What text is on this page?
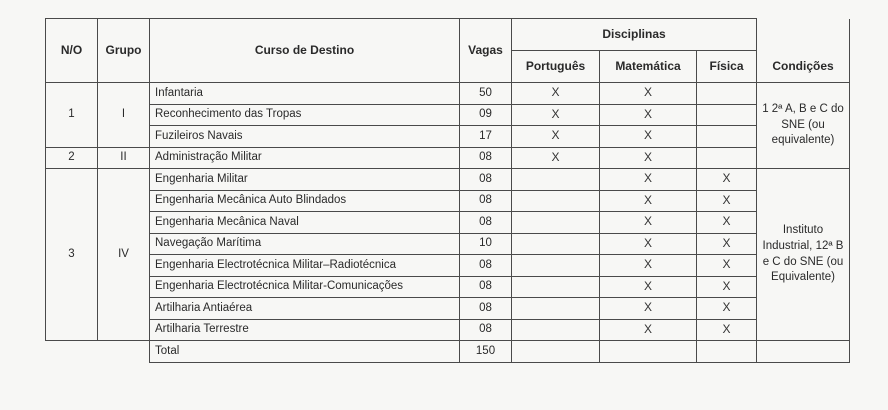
N/O	Grupo	Curso de Destino	Vagas	Disciplinas			Condições
				Português	Matemática	Física	
1	I	Infantaria	50	X	X		1 2ª A, B e C do SNE (ou equivalente)
		Reconhecimento das Tropas	09	X	X		
		Fuzileiros Navais	17	X	X		
2	II	Administração Militar	08	X	X		
3	IV	Engenharia Militar	08		X	X	Instituto Industrial, 12ª B e C do SNE (ou Equivalente)
		Engenharia Mecânica Auto Blindados	08		X	X	
		Engenharia Mecânica Naval	08		X	X	
		Navegação Marítima	10		X	X	
		Engenharia Electrotécnica Militar–Radiotécnica	08		X	X	
		Engenharia Electrotécnica Militar-Comunicações	08		X	X	
		Artilharia Antiaérea	08		X	X	
		Artilharia Terrestre	08		X	X	
		Total	150				
